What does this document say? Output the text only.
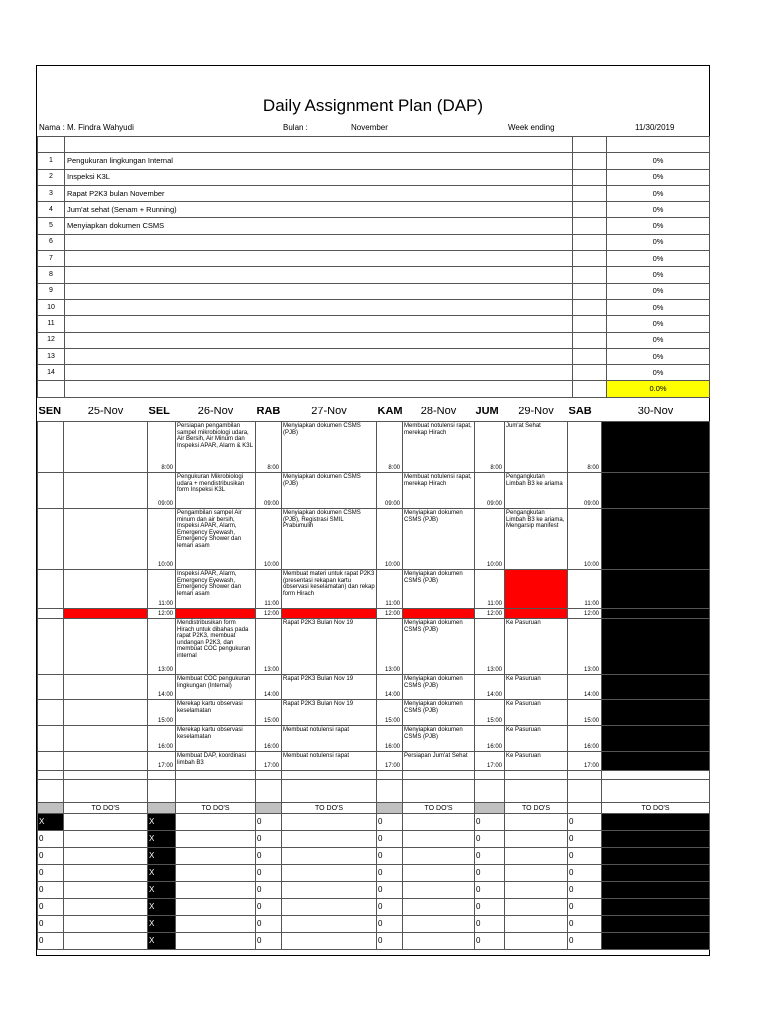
Daily Assignment Plan (DAP)
Nama : M. Findra Wahyudi	Bulan :	November	Week ending	11/30/2019

1	Pengukuran lingkungan Internal		0%
2	Inspeksi K3L		0%
3	Rapat P2K3 bulan November		0%
4	Jum'at sehat (Senam + Running)		0%
5	Menyiapkan dokumen CSMS		0%
6			0%
7			0%
8			0%
9			0%
10			0%
11			0%
12			0%
13			0%
14			0%
			0.0%
SEN	25-Nov	SEL	26-Nov	RAB	27-Nov	KAM	28-Nov	JUM	29-Nov	SAB	30-Nov
		8:00	Persiapan pengambilan sampel mikrobiologi udara, Air Bersih, Air Minum dan Inspeksi APAR, Alarm & K3L	8:00	Menyiapkan dokumen CSMS (PJB)	8:00	Membuat notulensi rapat, merekap Hirach	8:00	Jum'at Sehat	8:00	
		09:00	Pengukuran Mikrobiologi udara + mendistribusikan form Inspeksi K3L	09:00	Menyiapkan dokumen CSMS (PJB)	09:00	Membuat notulensi rapat, merekap Hirach	09:00	Pengangkutan Limbah B3 ke ariama	09:00	
		10:00	Pengambilan sampel Air minum dan air bersih, Inspeksi APAR, Alarm, Emergency Eyewash, Emergency Shower dan lemari asam	10:00	Menyiapkan dokumen CSMS (PJB), Registrasi SMIL Prabumulih	10:00	Menyiapkan dokumen CSMS (PJB)	10:00	Pengangkutan Limbah B3 ke ariama, Mengarsip manifest	10:00	
		11:00	Inspeksi APAR, Alarm, Emergency Eyewash, Emergency Shower dan lemari asam	11:00	Membuat materi untuk rapat P2K3 (presentasi rekapan kartu observasi keselamatan) dan rekap form Hirach	11:00	Menyiapkan dokumen CSMS (PJB)	11:00		11:00	
		12:00		12:00		12:00		12:00		12:00	
		13:00	Mendistribusikan form Hirach untuk dibahas pada rapat P2K3, membuat undangan P2K3, dan membuat COC pengukuran internal	13:00	Rapat P2K3 Bulan Nov 19	13:00	Menyiapkan dokumen CSMS (PJB)	13:00	Ke Pasuruan	13:00	
		14:00	Membuat COC pengukuran lingkungan (Internal)	14:00	Rapat P2K3 Bulan Nov 19	14:00	Menyiapkan dokumen CSMS (PJB)	14:00	Ke Pasuruan	14:00	
		15:00	Merekap kartu observasi keselamatan	15:00	Rapat P2K3 Bulan Nov 19	15:00	Menyiapkan dokumen CSMS (PJB)	15:00	Ke Pasuruan	15:00	
		16:00	Merekap kartu observasi keselamatan	16:00	Membuat notulensi rapat	16:00	Menyiapkan dokumen CSMS (PJB)	16:00	Ke Pasuruan	16:00	
		17:00	Membuat DAP, koordinasi limbah B3	17:00	Membuat notulensi rapat	17:00	Persiapan Jum'at Sehat	17:00	Ke Pasuruan	17:00	

	TO DO'S		TO DO'S		TO DO'S		TO DO'S		TO DO'S		TO DO'S
X		X		0		0		0		0	
0		X		0		0		0		0	
0		X		0		0		0		0	
0		X		0		0		0		0	
0		X		0		0		0		0	
0		X		0		0		0		0	
0		X		0		0		0		0	
0		X		0		0		0		0	
